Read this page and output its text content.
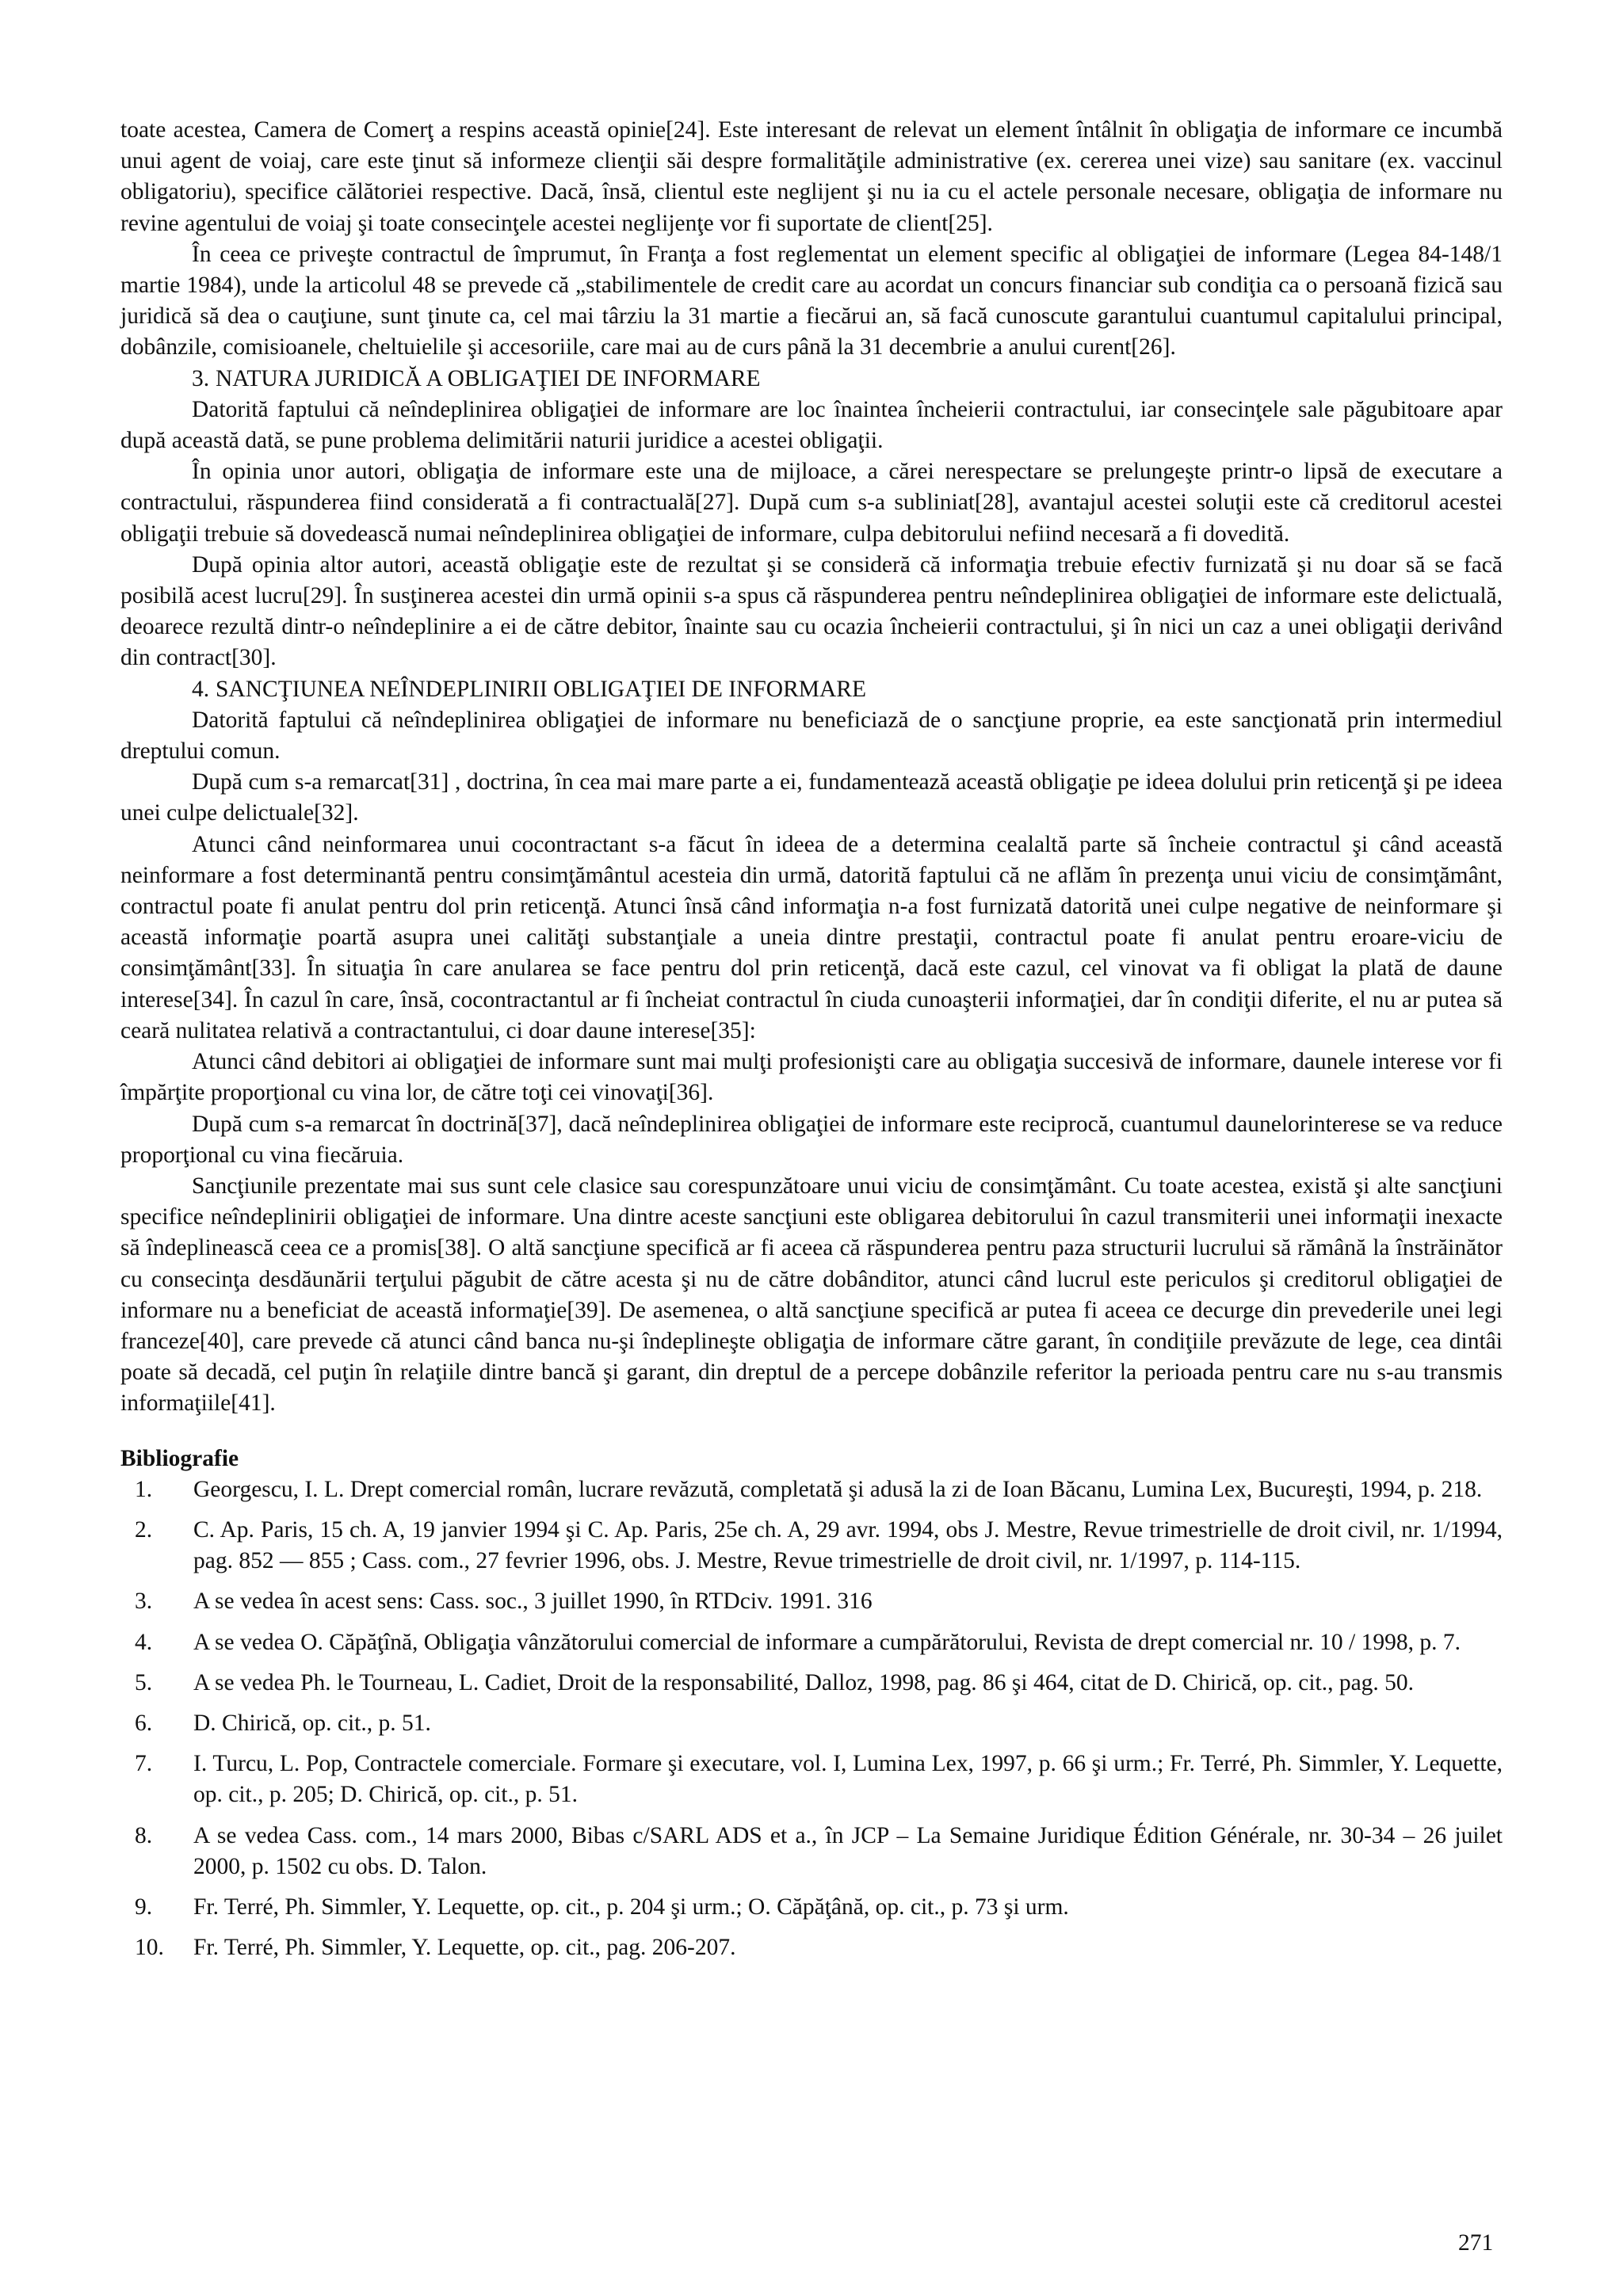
toate acestea, Camera de Comerţ a respins această opinie[24]. Este interesant de relevat un element întâlnit în obligaţia de informare ce incumbă unui agent de voiaj, care este ţinut să informeze clienţii săi despre formalităţile administrative (ex. cererea unei vize) sau sanitare (ex. vaccinul obligatoriu), specifice călătoriei respective. Dacă, însă, clientul este neglijent şi nu ia cu el actele personale necesare, obligaţia de informare nu revine agentului de voiaj şi toate consecinţele acestei neglijenţe vor fi suportate de client[25].

În ceea ce priveşte contractul de împrumut, în Franţa a fost reglementat un element specific al obligaţiei de informare (Legea 84-148/1 martie 1984), unde la articolul 48 se prevede că „stabilimentele de credit care au acordat un concurs financiar sub condiţia ca o persoană fizică sau juridică să dea o cauţiune, sunt ţinute ca, cel mai târziu la 31 martie a fiecărui an, să facă cunoscute garantului cuantumul capitalului principal, dobânzile, comisioanele, cheltuielile şi accesoriile, care mai au de curs până la 31 decembrie a anului curent[26].

3. NATURA JURIDICĂ A OBLIGAŢIEI DE INFORMARE

Datorită faptului că neîndeplinirea obligaţiei de informare are loc înaintea încheierii contractului, iar consecinţele sale păgubitoare apar după această dată, se pune problema delimitării naturii juridice a acestei obligaţii.

În opinia unor autori, obligaţia de informare este una de mijloace, a cărei nerespectare se prelungeşte printr-o lipsă de executare a contractului, răspunderea fiind considerată a fi contractuală[27]. După cum s-a subliniat[28], avantajul acestei soluţii este că creditorul acestei obligaţii trebuie să dovedească numai neîndeplinirea obligaţiei de informare, culpa debitorului nefiind necesară a fi dovedită.

După opinia altor autori, această obligaţie este de rezultat şi se consideră că informaţia trebuie efectiv furnizată şi nu doar să se facă posibilă acest lucru[29]. În susţinerea acestei din urmă opinii s-a spus că răspunderea pentru neîndeplinirea obligaţiei de informare este delictuală, deoarece rezultă dintr-o neîndeplinire a ei de către debitor, înainte sau cu ocazia încheierii contractului, şi în nici un caz a unei obligaţii derivând din contract[30].

4. SANCŢIUNEA NEÎNDEPLINIRII OBLIGAŢIEI DE INFORMARE

Datorită faptului că neîndeplinirea obligaţiei de informare nu beneficiază de o sancţiune proprie, ea este sancţionată prin intermediul dreptului comun.

După cum s-a remarcat[31] , doctrina, în cea mai mare parte a ei, fundamentează această obligaţie pe ideea dolului prin reticenţă şi pe ideea unei culpe delictuale[32].

Atunci când neinformarea unui cocontractant s-a făcut în ideea de a determina cealaltă parte să încheie contractul şi când această neinformare a fost determinantă pentru consimţământul acesteia din urmă, datorită faptului că ne aflăm în prezenţa unui viciu de consimţământ, contractul poate fi anulat pentru dol prin reticenţă. Atunci însă când informaţia n-a fost furnizată datorită unei culpe negative de neinformare şi această informaţie poartă asupra unei calităţi substanţiale a uneia dintre prestaţii, contractul poate fi anulat pentru eroare-viciu de consimţământ[33]. În situaţia în care anularea se face pentru dol prin reticenţă, dacă este cazul, cel vinovat va fi obligat la plată de daune interese[34]. În cazul în care, însă, cocontractantul ar fi încheiat contractul în ciuda cunoaşterii informaţiei, dar în condiţii diferite, el nu ar putea să ceară nulitatea relativă a contractantului, ci doar daune interese[35]:

Atunci când debitori ai obligaţiei de informare sunt mai mulţi profesionişti care au obligaţia succesivă de informare, daunele interese vor fi împărţite proporţional cu vina lor, de către toţi cei vinovaţi[36].

După cum s-a remarcat în doctrină[37], dacă neîndeplinirea obligaţiei de informare este reciprocă, cuantumul daunelorinterese se va reduce proporţional cu vina fiecăruia.

Sancţiunile prezentate mai sus sunt cele clasice sau corespunzătoare unui viciu de consimţământ. Cu toate acestea, există şi alte sancţiuni specifice neîndeplinirii obligaţiei de informare. Una dintre aceste sancţiuni este obligarea debitorului în cazul transmiterii unei informaţii inexacte să îndeplinească ceea ce a promis[38]. O altă sancţiune specifică ar fi aceea că răspunderea pentru paza structurii lucrului să rămână la înstrăinător cu consecinţa desdăunării terţului păgubit de către acesta şi nu de către dobânditor, atunci când lucrul este periculos şi creditorul obligaţiei de informare nu a beneficiat de această informaţie[39]. De asemenea, o altă sancţiune specifică ar putea fi aceea ce decurge din prevederile unei legi franceze[40], care prevede că atunci când banca nu-şi îndeplineşte obligaţia de informare către garant, în condiţiile prevăzute de lege, cea dintâi poate să decadă, cel puţin în relaţiile dintre bancă şi garant, din dreptul de a percepe dobânzile referitor la perioada pentru care nu s-au transmis informaţiile[41].

Bibliografie

1.	Georgescu, I. L. Drept comercial român, lucrare revăzută, completată şi adusă la zi de Ioan Băcanu, Lumina Lex, Bucureşti, 1994, p. 218.
2.	C. Ap. Paris, 15 ch. A, 19 janvier 1994 şi C. Ap. Paris, 25e ch. A, 29 avr. 1994, obs J. Mestre, Revue trimestrielle de droit civil, nr. 1/1994, pag. 852 — 855 ; Cass. com., 27 fevrier 1996, obs. J. Mestre, Revue trimestrielle de droit civil, nr. 1/1997, p. 114-115.
3.	A se vedea în acest sens: Cass. soc., 3 juillet 1990, în RTDciv. 1991. 316
4.	A se vedea O. Căpăţînă, Obligaţia vânzătorului comercial de informare a cumpărătorului, Revista de drept comercial nr. 10 / 1998, p. 7.
5.	A se vedea Ph. le Tourneau, L. Cadiet, Droit de la responsabilité, Dalloz, 1998, pag. 86 şi 464, citat de D. Chirică, op. cit., pag. 50.
6.	D. Chirică, op. cit., p. 51.
7.	I. Turcu, L. Pop, Contractele comerciale. Formare şi executare, vol. I, Lumina Lex, 1997, p. 66 şi urm.; Fr. Terré, Ph. Simmler, Y. Lequette, op. cit., p. 205; D. Chirică, op. cit., p. 51.
8.	A se vedea Cass. com., 14 mars 2000, Bibas c/SARL ADS et a., în JCP – La Semaine Juridique Édition Générale, nr. 30-34 – 26 juilet 2000, p. 1502 cu obs. D. Talon.
9.	Fr. Terré, Ph. Simmler, Y. Lequette, op. cit., p. 204 şi urm.; O. Căpăţână, op. cit., p. 73 şi urm.
10.	Fr. Terré, Ph. Simmler, Y. Lequette, op. cit., pag. 206-207.
271
